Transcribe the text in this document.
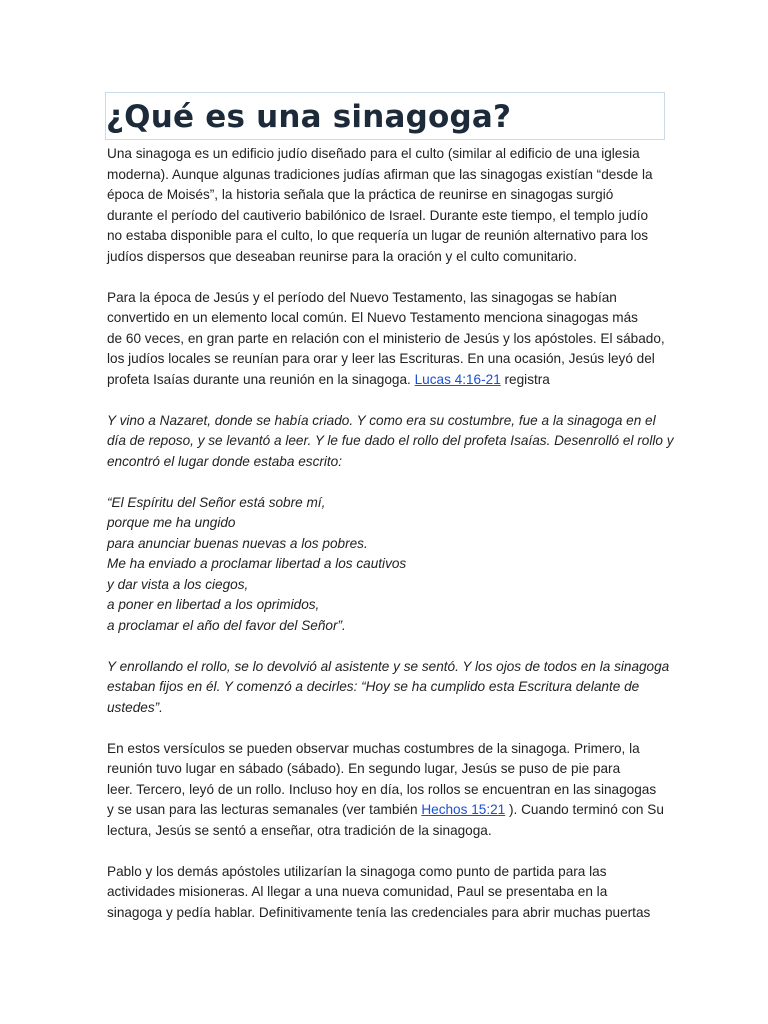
¿Qué es una sinagoga?

Una sinagoga es un edificio judío diseñado para el culto (similar al edificio de una iglesia
moderna). Aunque algunas tradiciones judías afirman que las sinagogas existían “desde la
época de Moisés”, la historia señala que la práctica de reunirse en sinagogas surgió
durante el período del cautiverio babilónico de Israel. Durante este tiempo, el templo judío
no estaba disponible para el culto, lo que requería un lugar de reunión alternativo para los
judíos dispersos que deseaban reunirse para la oración y el culto comunitario.

Para la época de Jesús y el período del Nuevo Testamento, las sinagogas se habían
convertido en un elemento local común. El Nuevo Testamento menciona sinagogas más
de 60 veces, en gran parte en relación con el ministerio de Jesús y los apóstoles. El sábado,
los judíos locales se reunían para orar y leer las Escrituras. En una ocasión, Jesús leyó del
profeta Isaías durante una reunión en la sinagoga. Lucas 4:16-21 registra

Y vino a Nazaret, donde se había criado. Y como era su costumbre, fue a la sinagoga en el
día de reposo, y se levantó a leer. Y le fue dado el rollo del profeta Isaías. Desenrolló el rollo y
encontró el lugar donde estaba escrito:

“El Espíritu del Señor está sobre mí,
porque me ha ungido
para anunciar buenas nuevas a los pobres.
Me ha enviado a proclamar libertad a los cautivos
y dar vista a los ciegos,
a poner en libertad a los oprimidos,
a proclamar el año del favor del Señor”.

Y enrollando el rollo, se lo devolvió al asistente y se sentó. Y los ojos de todos en la sinagoga
estaban fijos en él. Y comenzó a decirles: “Hoy se ha cumplido esta Escritura delante de
ustedes”.

En estos versículos se pueden observar muchas costumbres de la sinagoga. Primero, la
reunión tuvo lugar en sábado (sábado). En segundo lugar, Jesús se puso de pie para
leer. Tercero, leyó de un rollo. Incluso hoy en día, los rollos se encuentran en las sinagogas
y se usan para las lecturas semanales (ver también Hechos 15:21 ). Cuando terminó con Su
lectura, Jesús se sentó a enseñar, otra tradición de la sinagoga.

Pablo y los demás apóstoles utilizarían la sinagoga como punto de partida para las
actividades misioneras. Al llegar a una nueva comunidad, Paul se presentaba en la
sinagoga y pedía hablar. Definitivamente tenía las credenciales para abrir muchas puertas
